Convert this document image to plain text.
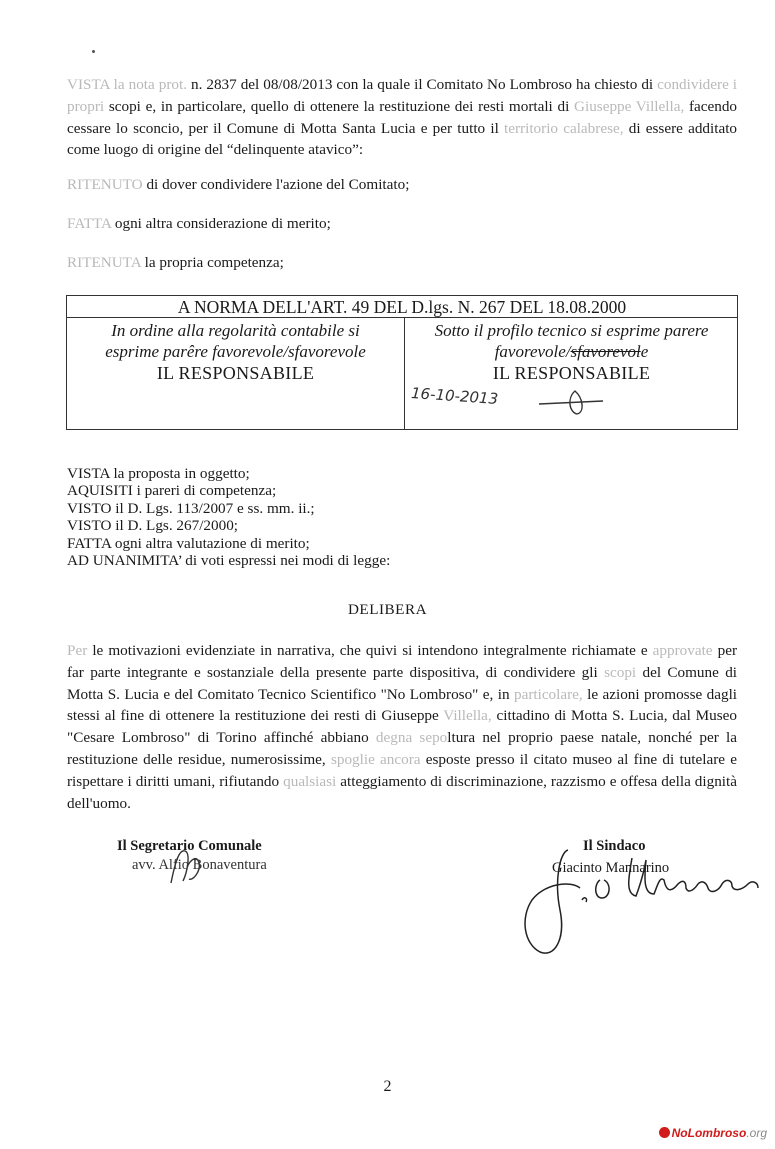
VISTA la nota prot. n. 2837 del 08/08/2013 con la quale il Comitato No Lombroso ha chiesto di condividere i propri scopi e, in particolare, quello di ottenere la restituzione dei resti mortali di Giuseppe Villella, facendo cessare lo sconcio, per il Comune di Motta Santa Lucia e per tutto il territorio calabrese, di essere additato come luogo di origine del “delinquente atavico”:

RITENUTO di dover condividere l'azione del Comitato;

FATTA ogni altra considerazione di merito;

RITENUTA la propria competenza;

A NORMA DELL'ART. 49 DEL D.lgs. N. 267 DEL 18.08.2000
In ordine alla regolarità contabile si
esprime parêre favorevole/sfavorevole
IL RESPONSABILE
Sotto il profilo tecnico si esprime parere
favorevole/sfavorevole
IL RESPONSABILE
16-10-2013
VISTA la proposta in oggetto;
AQUISITI i pareri di competenza;
VISTO il D. Lgs. 113/2007 e ss. mm. ii.;
VISTO il D. Lgs. 267/2000;
FATTA ogni altra valutazione di merito;
AD UNANIMITA’ di voti espressi nei modi di legge:
DELIBERA

Per le motivazioni evidenziate in narrativa, che quivi si intendono integralmente richiamate e approvate per far parte integrante e sostanziale della presente parte dispositiva, di condividere gli scopi del Comune di Motta S. Lucia e del Comitato Tecnico Scientifico "No Lombroso" e, in particolare, le azioni promosse dagli stessi al fine di ottenere la restituzione dei resti di Giuseppe Villella, cittadino di Motta S. Lucia, dal Museo "Cesare Lombroso" di Torino affinché abbiano degna sepoltura nel proprio paese natale, nonché per la restituzione delle residue, numerosissime, spoglie ancora esposte presso il citato museo al fine di tutelare e rispettare i diritti umani, rifiutando qualsiasi atteggiamento di discriminazione, razzismo e offesa della dignità dell'uomo.

Il Segretario Comunale
avv. Alfio Bonaventura
Il Sindaco
Giacinto Mannarino
2
NoLombroso.org
